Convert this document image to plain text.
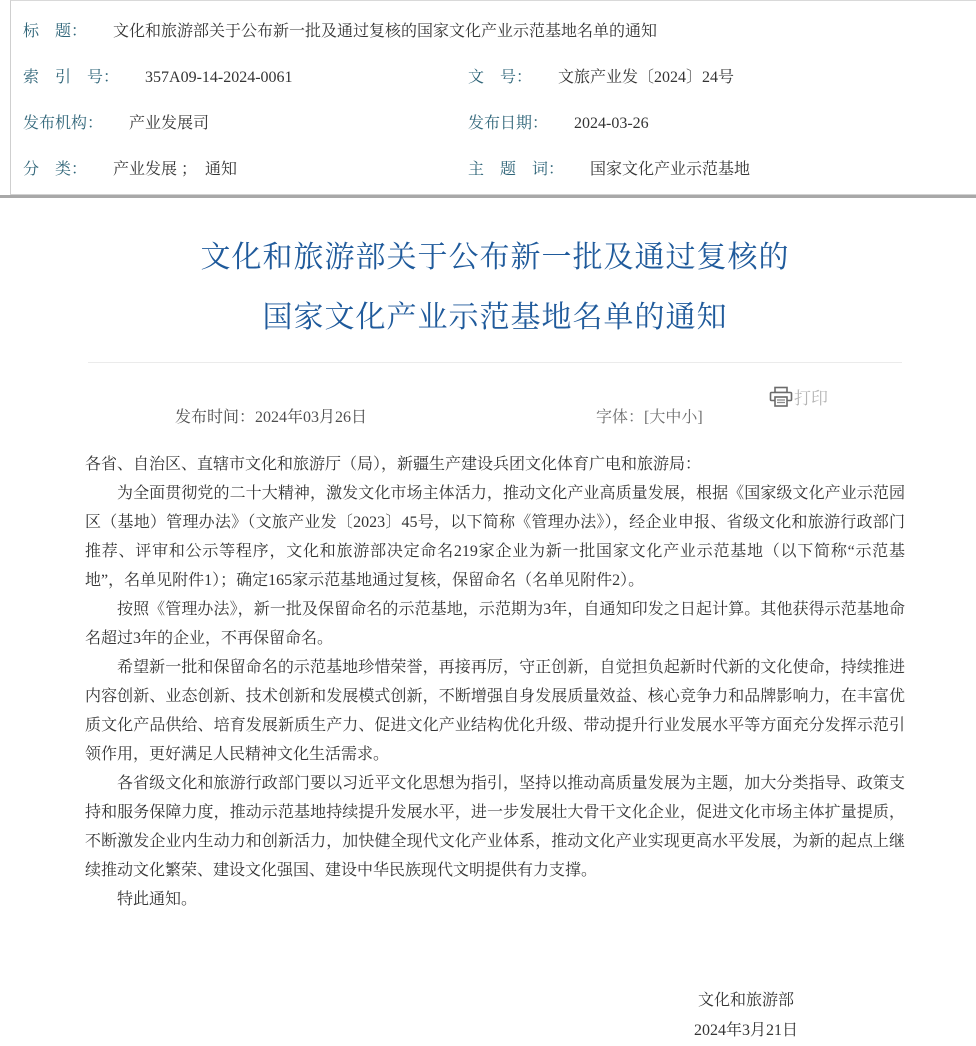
标　题： 文化和旅游部关于公布新一批及通过复核的国家文化产业示范基地名单的通知
索　引　号： 357A09-14-2024-0061	文　号： 文旅产业发〔2024〕24号
发布机构： 产业发展司	发布日期： 2024-03-26
分　类： 产业发展 ；　通知	主　题　词： 国家文化产业示范基地
文化和旅游部关于公布新一批及通过复核的
国家文化产业示范基地名单的通知

发布时间：2024年03月26日
	字体：[大中小]

打印

各省、自治区、直辖市文化和旅游厅（局），新疆生产建设兵团文化体育广电和旅游局：

为全面贯彻党的二十大精神，激发文化市场主体活力，推动文化产业高质量发展，根据《国家级文化产业示范园区（基地）管理办法》（文旅产业发〔2023〕45号，以下简称《管理办法》），经企业申报、省级文化和旅游行政部门推荐、评审和公示等程序，文化和旅游部决定命名219家企业为新一批国家文化产业示范基地（以下简称“示范基地”，名单见附件1）；确定165家示范基地通过复核，保留命名（名单见附件2）。

按照《管理办法》，新一批及保留命名的示范基地，示范期为3年，自通知印发之日起计算。其他获得示范基地命名超过3年的企业，不再保留命名。

希望新一批和保留命名的示范基地珍惜荣誉，再接再厉，守正创新，自觉担负起新时代新的文化使命，持续推进内容创新、业态创新、技术创新和发展模式创新，不断增强自身发展质量效益、核心竞争力和品牌影响力，在丰富优质文化产品供给、培育发展新质生产力、促进文化产业结构优化升级、带动提升行业发展水平等方面充分发挥示范引领作用，更好满足人民精神文化生活需求。

各省级文化和旅游行政部门要以习近平文化思想为指引，坚持以推动高质量发展为主题，加大分类指导、政策支持和服务保障力度，推动示范基地持续提升发展水平，进一步发展壮大骨干文化企业，促进文化市场主体扩量提质，不断激发企业内生动力和创新活力，加快健全现代文化产业体系，推动文化产业实现更高水平发展，为新的起点上继续推动文化繁荣、建设文化强国、建设中华民族现代文明提供有力支撑。

特此通知。

文化和旅游部
2024年3月21日
